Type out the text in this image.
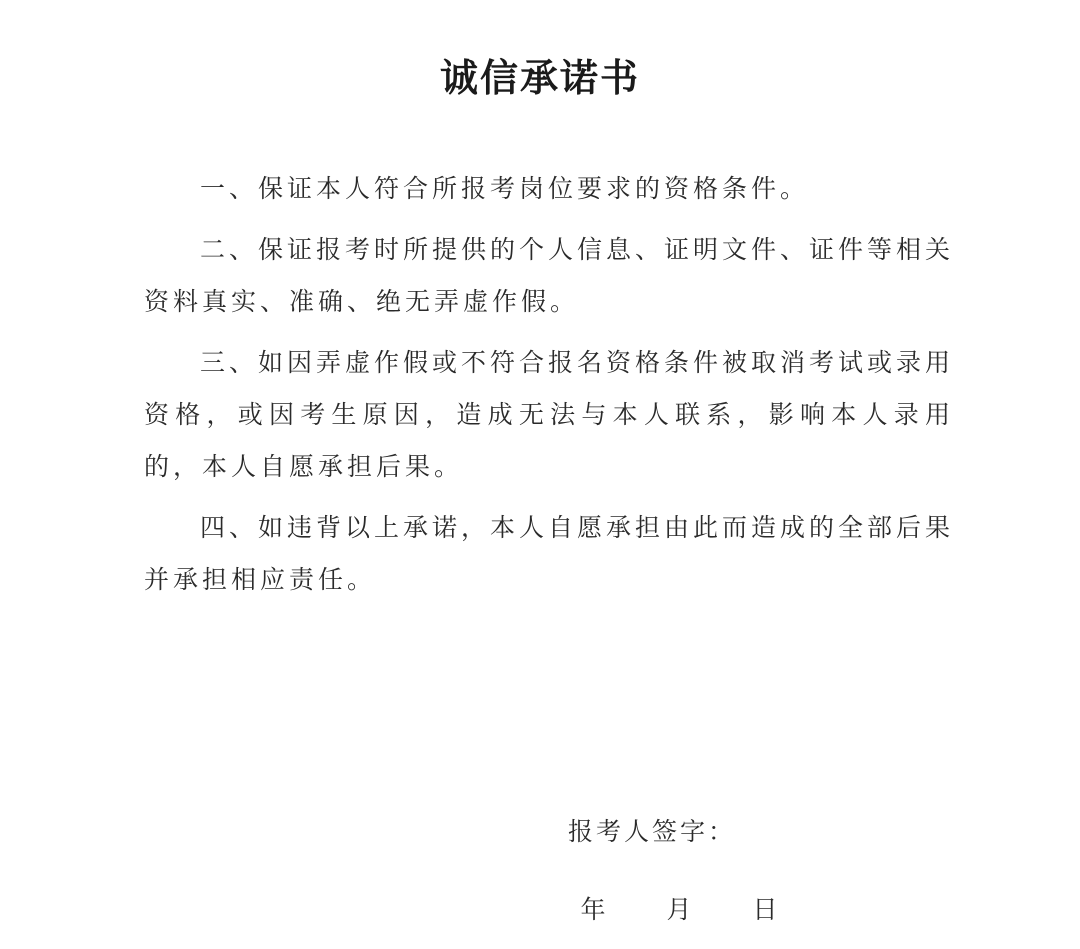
诚信承诺书

一、保证本人符合所报考岗位要求的资格条件。

二、保证报考时所提供的个人信息、证明文件、证件等相关资料真实、准确、绝无弄虚作假。

三、如因弄虚作假或不符合报名资格条件被取消考试或录用资格，或因考生原因，造成无法与本人联系，影响本人录用的，本人自愿承担后果。

四、如违背以上承诺，本人自愿承担由此而造成的全部后果并承担相应责任。

报考人签字：
年 月 日
